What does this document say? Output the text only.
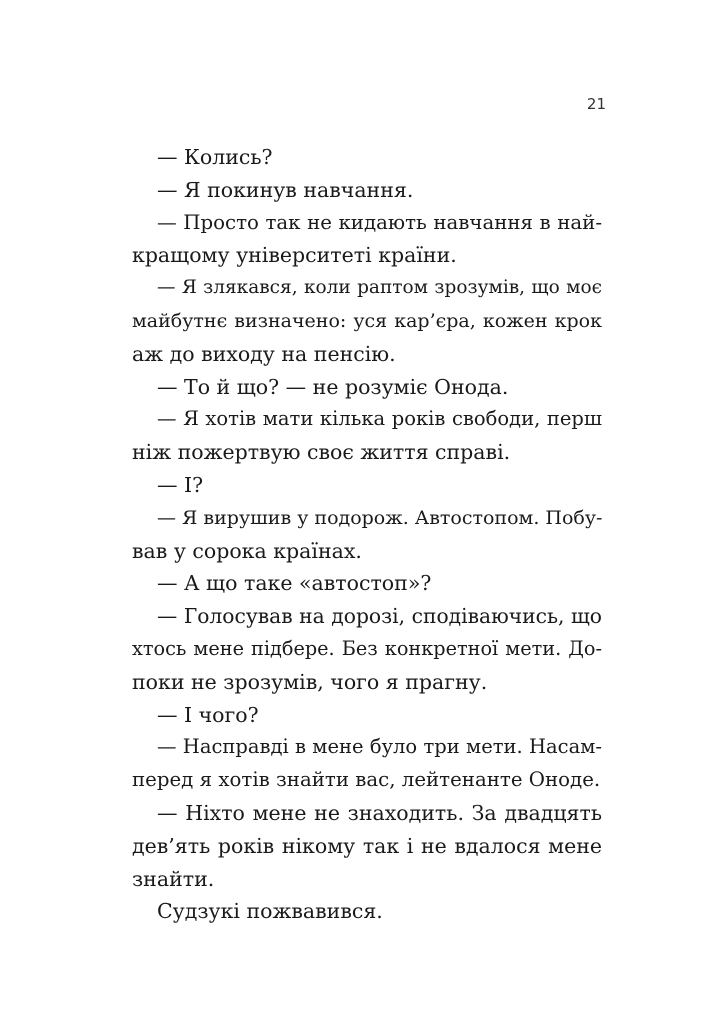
21
— Колись?
— Я покинув навчання.
— Просто так не кидають навчання в най-
кращому університеті країни.
— Я злякався, коли раптом зрозумів, що моє
майбутнє визначено: уся кар’єра, кожен крок
аж до виходу на пенсію.
— То й що? — не розуміє Онода.
— Я хотів мати кілька років свободи, перш
ніж пожертвую своє життя справі.
— І?
— Я вирушив у подорож. Автостопом. Побу-
вав у сорока країнах.
— А що таке «автостоп»?
— Голосував на дорозі, сподіваючись, що
хтось мене підбере. Без конкретної мети. До-
поки не зрозумів, чого я прагну.
— І чого?
— Насправді в мене було три мети. Насам-
перед я хотів знайти вас, лейтенанте Оноде.
— Ніхто мене не знаходить. За двадцять
дев’ять років нікому так і не вдалося мене
знайти.
Судзукі пожвавився.
